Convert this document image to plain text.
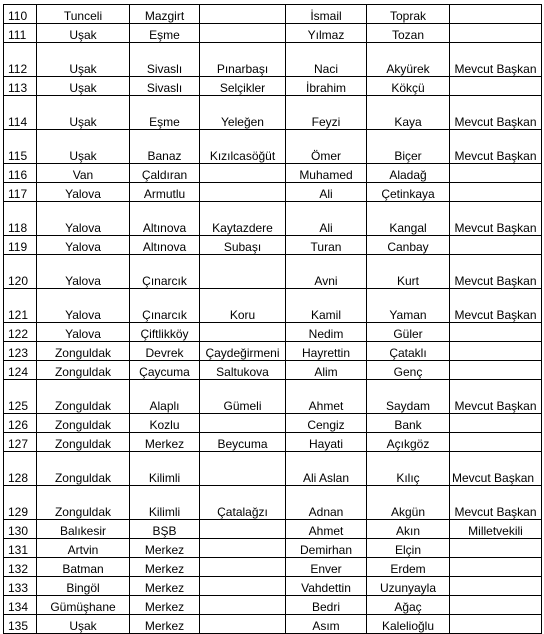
110	Tunceli	Mazgirt		İsmail	Toprak	
111	Uşak	Eşme		Yılmaz	Tozan	
112	Uşak	Sivaslı	Pınarbaşı	Naci	Akyürek	Mevcut Başkan

113	Uşak	Sivaslı	Selçikler	İbrahim	Kökçü	
114	Uşak	Eşme	Yeleğen	Feyzi	Kaya	Mevcut Başkan

115	Uşak	Banaz	Kızılcasöğüt	Ömer	Biçer	Mevcut Başkan

116	Van	Çaldıran		Muhamed	Aladağ	
117	Yalova	Armutlu		Ali	Çetinkaya	
118	Yalova	Altınova	Kaytazdere	Ali	Kangal	Mevcut Başkan

119	Yalova	Altınova	Subaşı	Turan	Canbay	
120	Yalova	Çınarcık		Avni	Kurt	Mevcut Başkan

121	Yalova	Çınarcık	Koru	Kamil	Yaman	Mevcut Başkan

122	Yalova	Çiftlikköy		Nedim	Güler	
123	Zonguldak	Devrek	Çaydeğirmeni	Hayrettin	Çataklı	
124	Zonguldak	Çaycuma	Saltukova	Alim	Genç	
125	Zonguldak	Alaplı	Gümeli	Ahmet	Saydam	Mevcut Başkan

126	Zonguldak	Kozlu		Cengiz	Bank	
127	Zonguldak	Merkez	Beycuma	Hayati	Açıkgöz	
128	Zonguldak	Kilimli		Ali Aslan	Kılıç	Mevcut Başkan

129	Zonguldak	Kilimli	Çatalağzı	Adnan	Akgün	Mevcut Başkan

130	Balıkesir	BŞB		Ahmet	Akın	Milletvekili
131	Artvin	Merkez		Demirhan	Elçin	
132	Batman	Merkez		Enver	Erdem	
133	Bingöl	Merkez		Vahdettin	Uzunyayla	
134	Gümüşhane	Merkez		Bedri	Ağaç	
135	Uşak	Merkez		Asım	Kalelioğlu	
